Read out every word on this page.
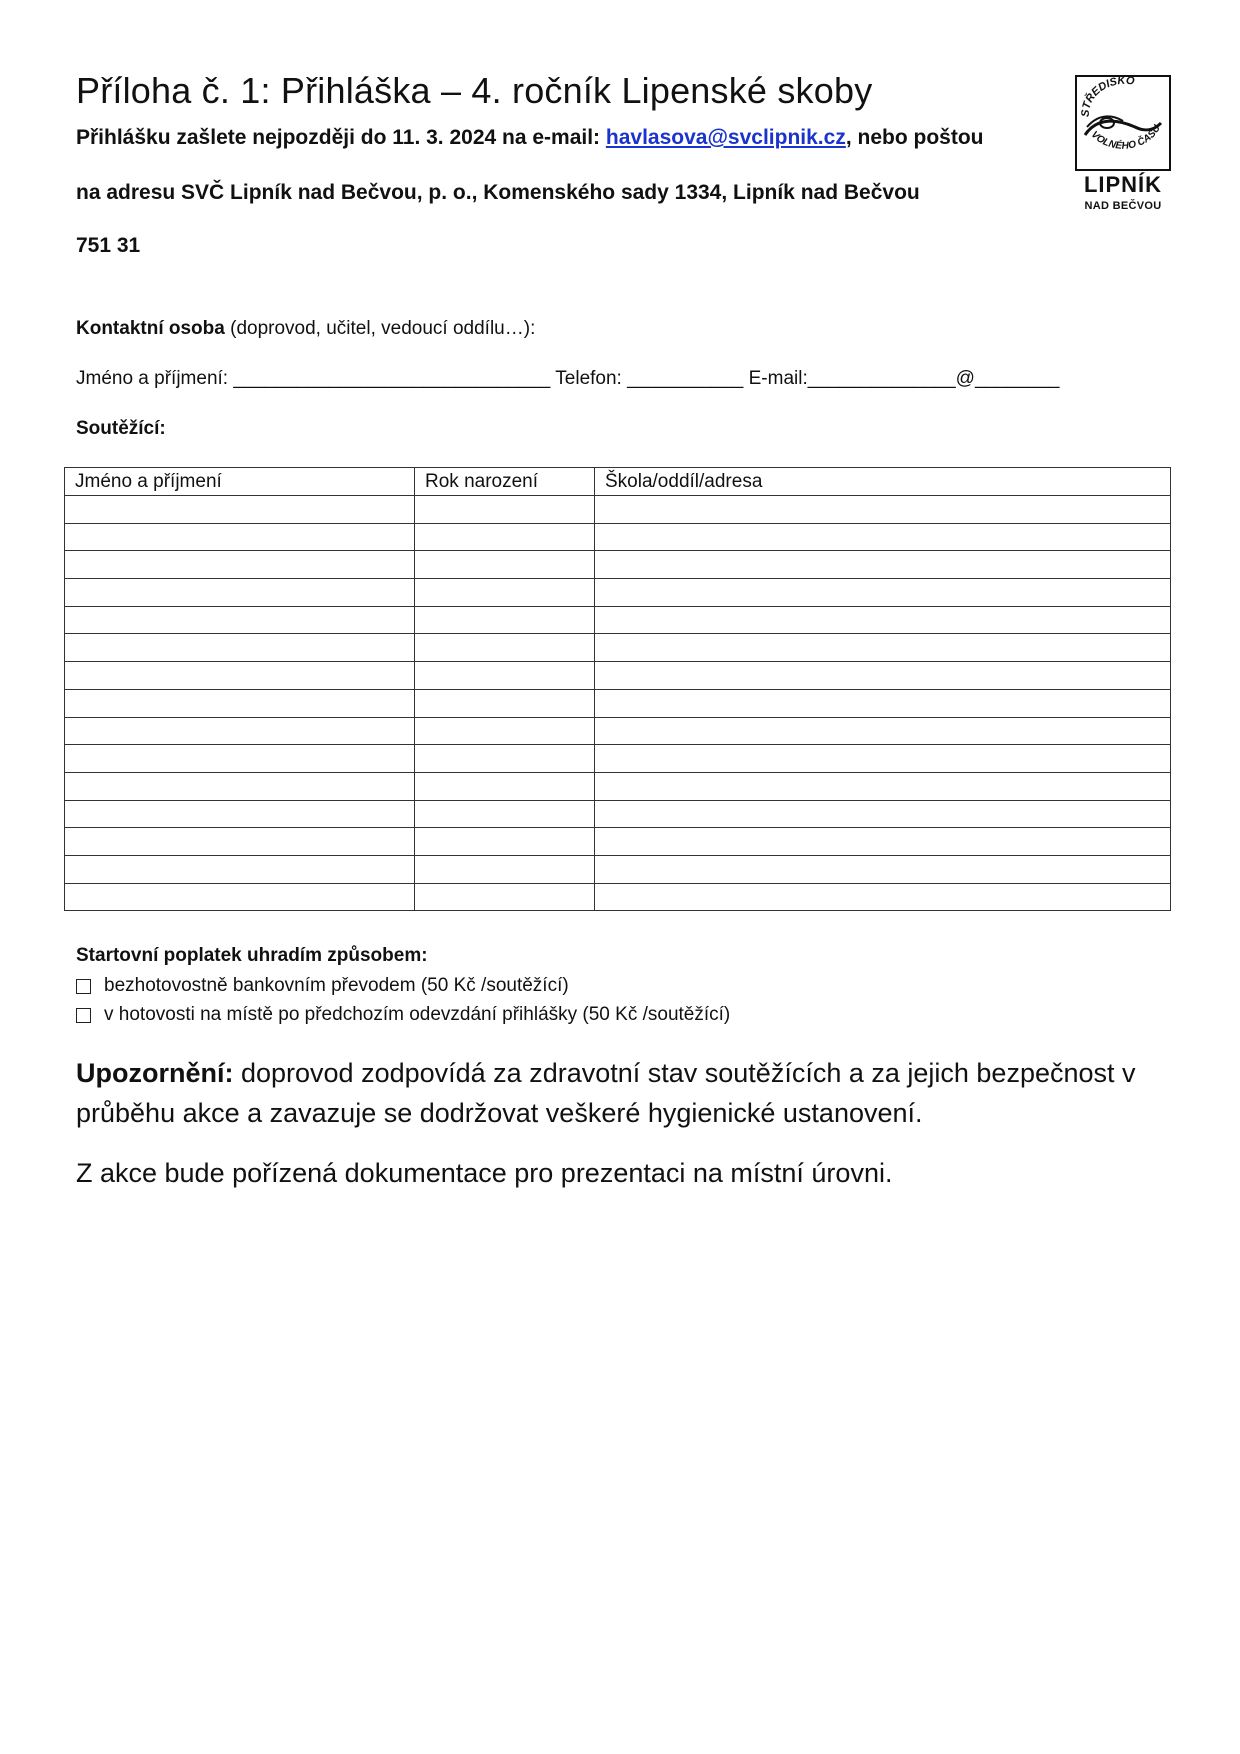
Příloha č. 1: Přihláška – 4. ročník Lipenské skoby
Přihlášku zašlete nejpozději do 11. 3. 2024 na e-mail: havlasova@svclipnik.cz, nebo poštou
na adresu SVČ Lipník nad Bečvou, p. o., Komenského sady 1334, Lipník nad Bečvou
751 31
STŘEDISKO
VOLNÉHO ČASU
LIPNÍK
NAD BEČVOU
Kontaktní osoba (doprovod, učitel, vedoucí oddílu…):
Jméno a příjmení: ______________________________ Telefon: ___________ E-mail:______________@________
Soutěžící:
Jméno a příjmení	Rok narození	Škola/oddíl/adresa

Startovní poplatek uhradím způsobem:
bezhotovostně bankovním převodem (50 Kč /soutěžící)
v hotovosti na místě po předchozím odevzdání přihlášky (50 Kč /soutěžící)
Upozornění: doprovod zodpovídá za zdravotní stav soutěžících a za jejich bezpečnost v průběhu akce a zavazuje se dodržovat veškeré hygienické ustanovení.
Z akce bude pořízená dokumentace pro prezentaci na místní úrovni.
